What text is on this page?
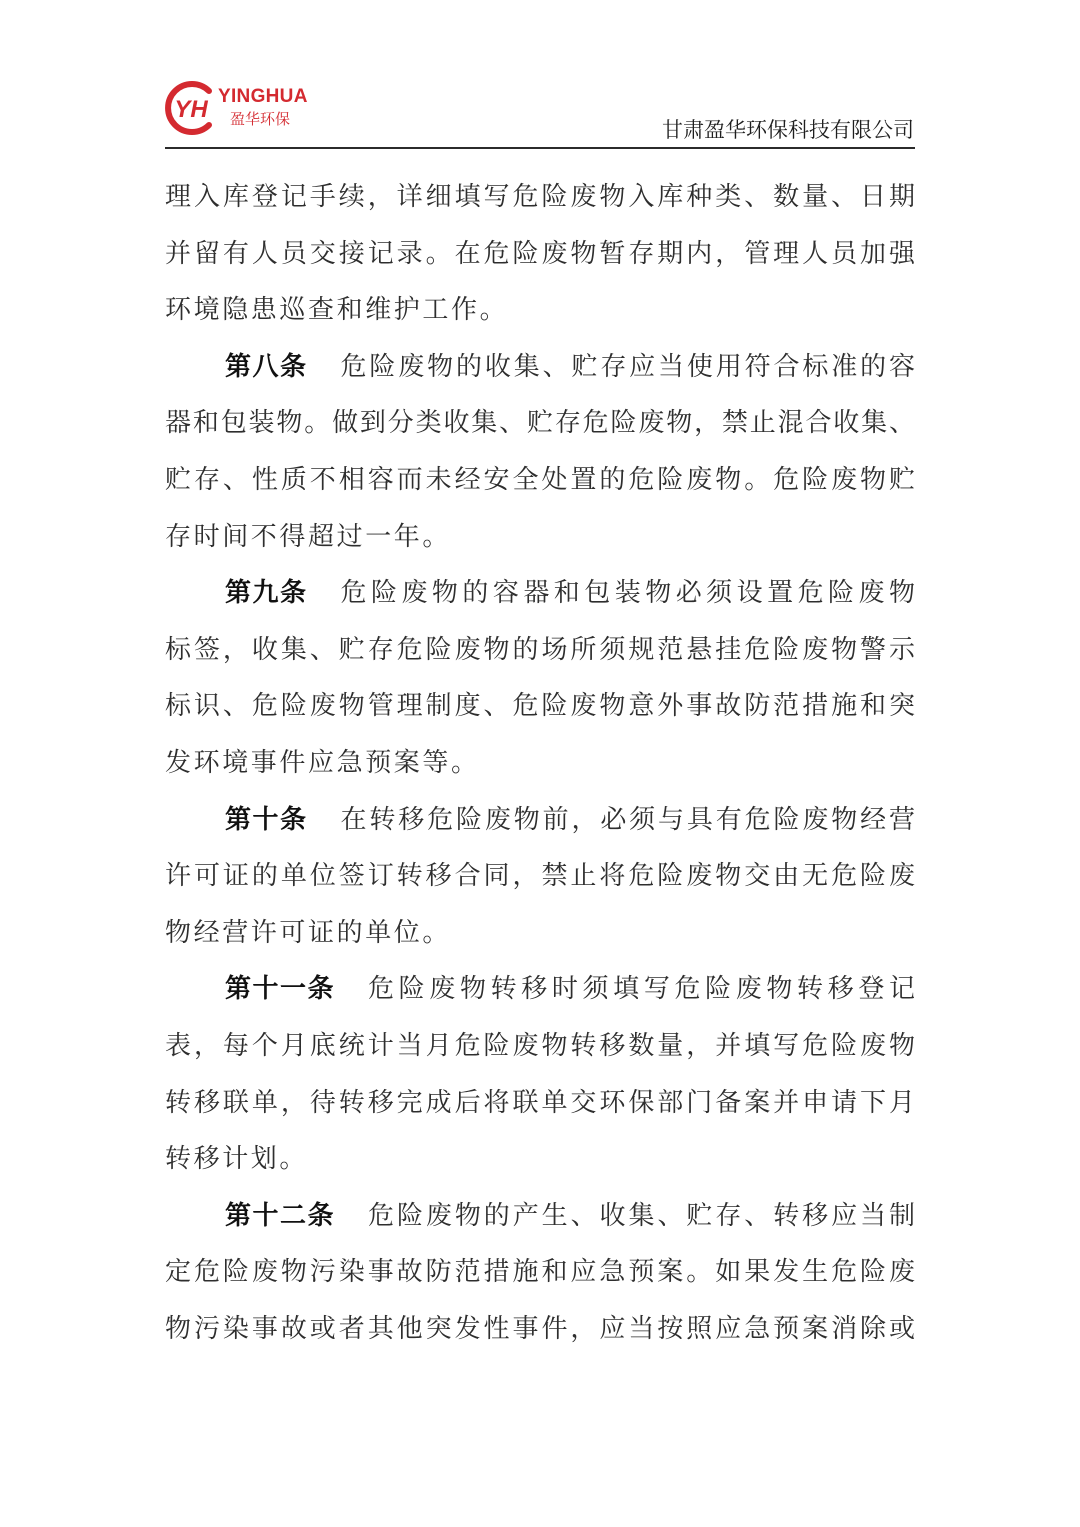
YH YINGHUA
盈华环保	甘肃盈华环保科技有限公司
理入库登记手续，详细填写危险废物入库种类、数量、日期
并留有人员交接记录。在危险废物暂存期内，管理人员加强
环境隐患巡查和维护工作。
第八条 危险废物的收集、贮存应当使用符合标准的容
器和包装物。做到分类收集、贮存危险废物，禁止混合收集、
贮存、性质不相容而未经安全处置的危险废物。危险废物贮
存时间不得超过一年。
第九条 危险废物的容器和包装物必须设置危险废物
标签，收集、贮存危险废物的场所须规范悬挂危险废物警示
标识、危险废物管理制度、危险废物意外事故防范措施和突
发环境事件应急预案等。
第十条 在转移危险废物前，必须与具有危险废物经营
许可证的单位签订转移合同，禁止将危险废物交由无危险废
物经营许可证的单位。
第十一条 危险废物转移时须填写危险废物转移登记
表，每个月底统计当月危险废物转移数量，并填写危险废物
转移联单，待转移完成后将联单交环保部门备案并申请下月
转移计划。
第十二条 危险废物的产生、收集、贮存、转移应当制
定危险废物污染事故防范措施和应急预案。如果发生危险废
物污染事故或者其他突发性事件，应当按照应急预案消除或
